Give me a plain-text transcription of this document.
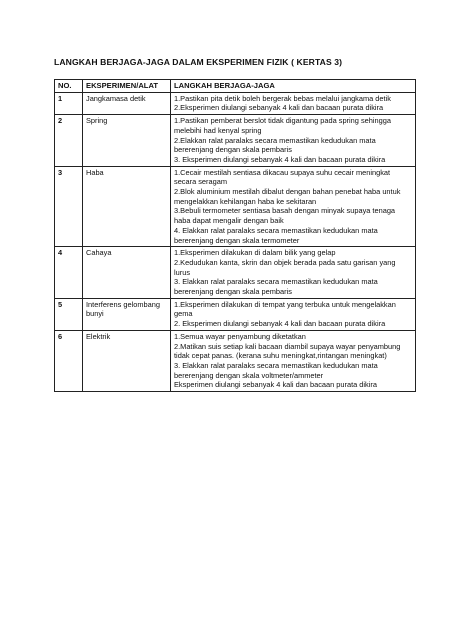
LANGKAH BERJAGA-JAGA DALAM EKSPERIMEN FIZIK ( KERTAS 3)
NO.	EKSPERIMEN/ALAT	LANGKAH BERJAGA-JAGA
1	Jangkamasa detik	1.Pastikan pita detik boleh bergerak bebas melalui jangkama detik
2.Eksperimen diulangi sebanyak 4 kali dan bacaan purata dikira

2	Spring	1.Pastikan pemberat berslot tidak digantung pada spring sehingga melebihi had kenyal spring
2.Elakkan ralat paralaks secara memastikan kedudukan mata bererenjang dengan skala pembaris
3. Eksperimen diulangi sebanyak 4 kali dan bacaan purata dikira

3	Haba	1.Cecair mestilah sentiasa dikacau supaya suhu cecair meningkat secara seragam
2.Blok aluminium mestilah dibalut dengan bahan penebat haba untuk mengelakkan kehilangan haba ke sekitaran
3.Bebuli termometer sentiasa basah dengan minyak supaya tenaga haba dapat mengalir dengan baik
4. Elakkan ralat paralaks secara memastikan kedudukan mata bererenjang dengan skala termometer

4	Cahaya	1.Eksperimen dilakukan di dalam bilik yang gelap
2.Kedudukan kanta, skrin dan objek berada pada satu garisan yang lurus
3. Elakkan ralat paralaks secara memastikan kedudukan mata bererenjang dengan skala pembaris

5	Interferens gelombang bunyi	1.Eksperimen dilakukan di tempat yang terbuka untuk mengelakkan gema
2. Eksperimen diulangi sebanyak 4 kali dan bacaan purata dikira

6	Elektrik	1.Semua wayar penyambung diketatkan
2.Matikan suis setiap kali bacaan diambil supaya wayar penyambung tidak cepat panas. (kerana suhu meningkat,rintangan meningkat)
3. Elakkan ralat paralaks secara memastikan kedudukan mata bererenjang dengan skala voltmeter/ammeter
Eksperimen diulangi sebanyak 4 kali dan bacaan purata dikira
